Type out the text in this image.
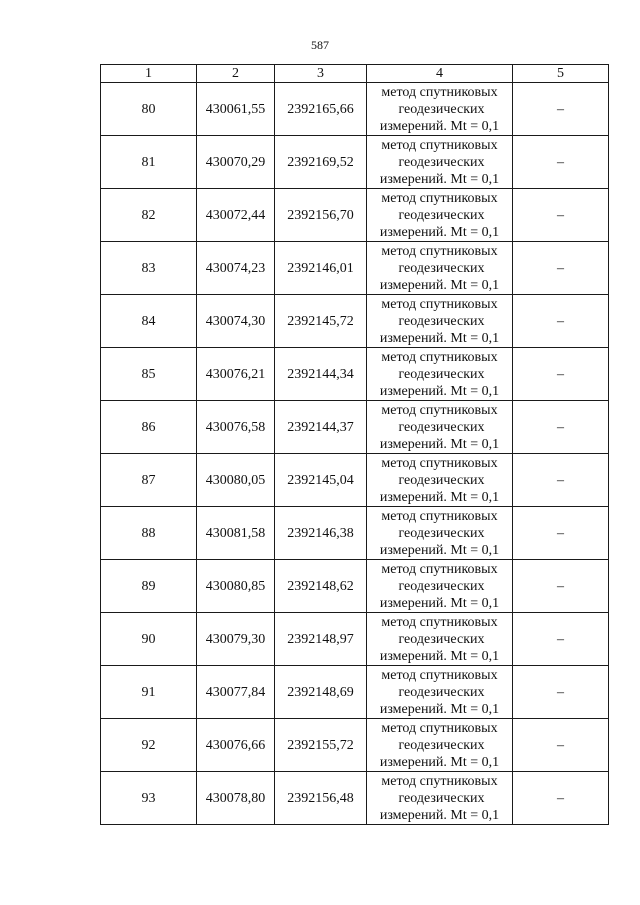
587
1	2	3	4	5
80	430061,55	2392165,66	метод спутниковых
геодезических
измерений. Mt = 0,1	–
81	430070,29	2392169,52	метод спутниковых
геодезических
измерений. Mt = 0,1	–
82	430072,44	2392156,70	метод спутниковых
геодезических
измерений. Mt = 0,1	–
83	430074,23	2392146,01	метод спутниковых
геодезических
измерений. Mt = 0,1	–
84	430074,30	2392145,72	метод спутниковых
геодезических
измерений. Mt = 0,1	–
85	430076,21	2392144,34	метод спутниковых
геодезических
измерений. Mt = 0,1	–
86	430076,58	2392144,37	метод спутниковых
геодезических
измерений. Mt = 0,1	–
87	430080,05	2392145,04	метод спутниковых
геодезических
измерений. Mt = 0,1	–
88	430081,58	2392146,38	метод спутниковых
геодезических
измерений. Mt = 0,1	–
89	430080,85	2392148,62	метод спутниковых
геодезических
измерений. Mt = 0,1	–
90	430079,30	2392148,97	метод спутниковых
геодезических
измерений. Mt = 0,1	–
91	430077,84	2392148,69	метод спутниковых
геодезических
измерений. Mt = 0,1	–
92	430076,66	2392155,72	метод спутниковых
геодезических
измерений. Mt = 0,1	–
93	430078,80	2392156,48	метод спутниковых
геодезических
измерений. Mt = 0,1	–
